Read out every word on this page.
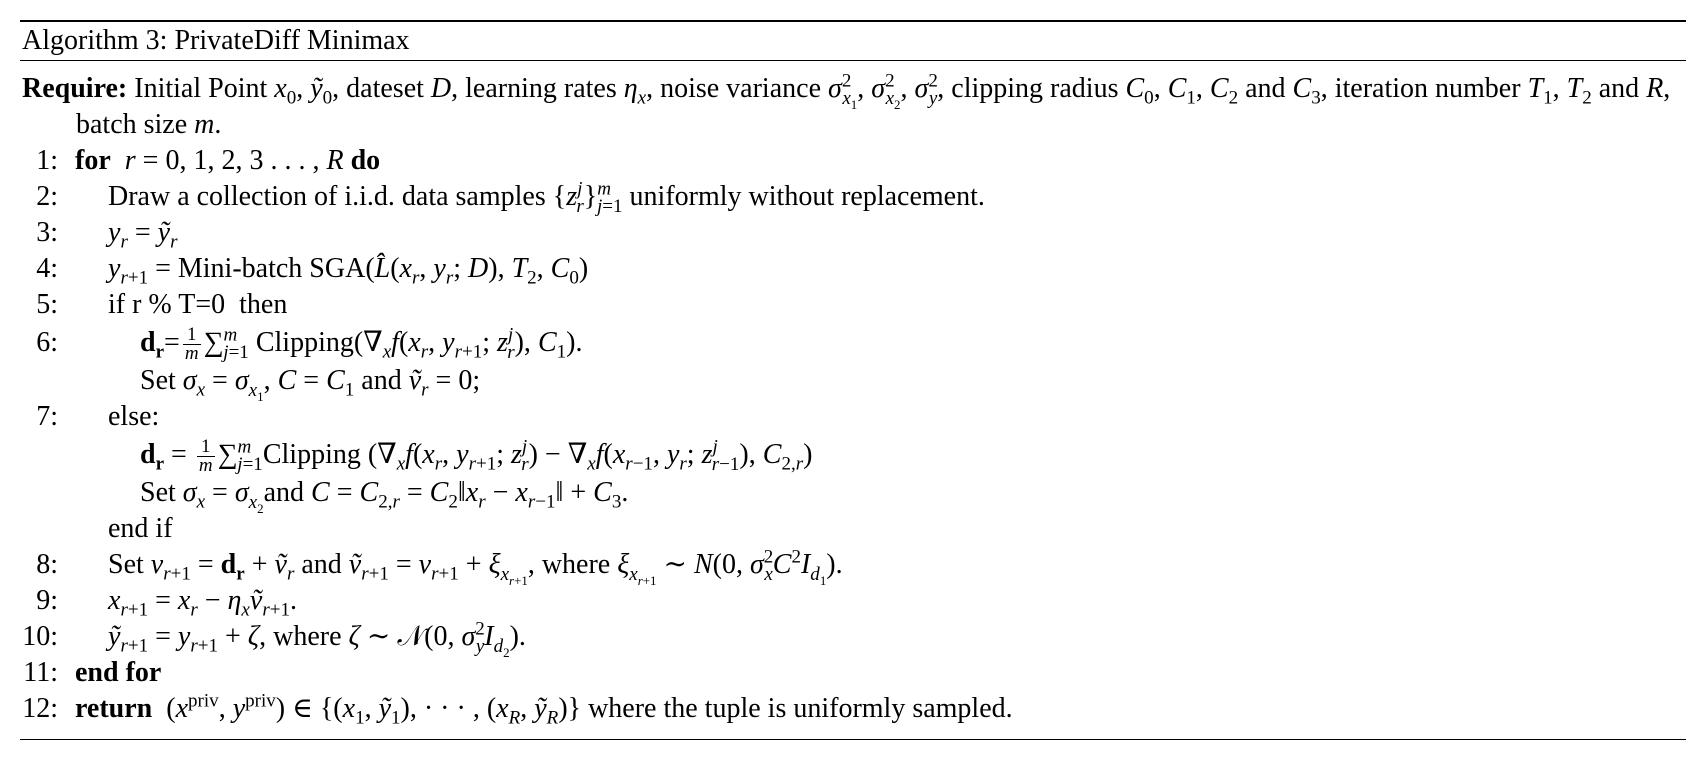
Algorithm 3: PrivateDiff Minimax
Require: Initial Point $x_0$, ỹ$_0$, dateset D, learning rates $\eta_x$, noise variance $\sigma^2_{x_1}$, $\sigma^2_{x_2}$, $\sigma^2_y$, clipping radius $C_0$, $C_1$, $C_2$ and $C_3$, iteration number $T_1$, $T_2$ and R, batch size m.
1: for r = 0, 1, 2, 3 . . . , R do
2: Draw a collection of i.i.d. data samples $\{z^j_r\}^m_{j=1}$ uniformly without replacement.
3: $y_r$ = ỹ$_r$
4: $y_{r+1}$ = Mini-batch $SGA(L̂(x_r$, $y_r$; D), $T_2$, $C_0$)
5: if r % T=0  then
6:	$d_r= \frac{1}{m} \sum^m_{j=1}$ $Clipping(\nabla_xf(x_r$, $y_{r+1}$; $z^j_r$), $C_1$).
Set $\sigma_x = \sigma_{x_1}$, $C = C_1$ and ṽ$_r$ = 0;
7: else:
$d_r = \frac{1}{m}$ ∑$^m_{j=1}$Clipping ($\nabla_xf(x_r$, $y_{r+1}$; $z^j_r) - \nabla_xf(x_{r-1}$, $y_r$; $z^j_{r-1}$), $C_{2,r}$)
Set $\sigma_x = \sigma_{x_2}and$ $C = C_{2,r}$ = $C_2‖x_r$ − $x_{r-1}‖ + C_3$.
end if
8: Set $v_{r+1} = d_r$ + ṽ$_r$ and ṽ$_{r+1}$ = $v_{r+1} + \xi_{x_{r+1}}$, where $\xi_{x_{r+1}}$ ∼ N(0, $\sigma^2_xC^2I_{d_1}$).
9: $x_{r+1} = x_r$ − $\eta_xṽ_{r+1}$.
10: ỹ$_{r+1}$ = $y_{r+1} + \zeta$, where ζ ∼ 𝒩(0, $\sigma^2_yI_{d_2}$).
11: end for
12: return  ($x^{priv}$, $y^{priv}$) ∈ {($x_1$, ỹ$_1$), · · · , ($x_R$, ỹ$_R$)} where the tuple is uniformly sampled.
